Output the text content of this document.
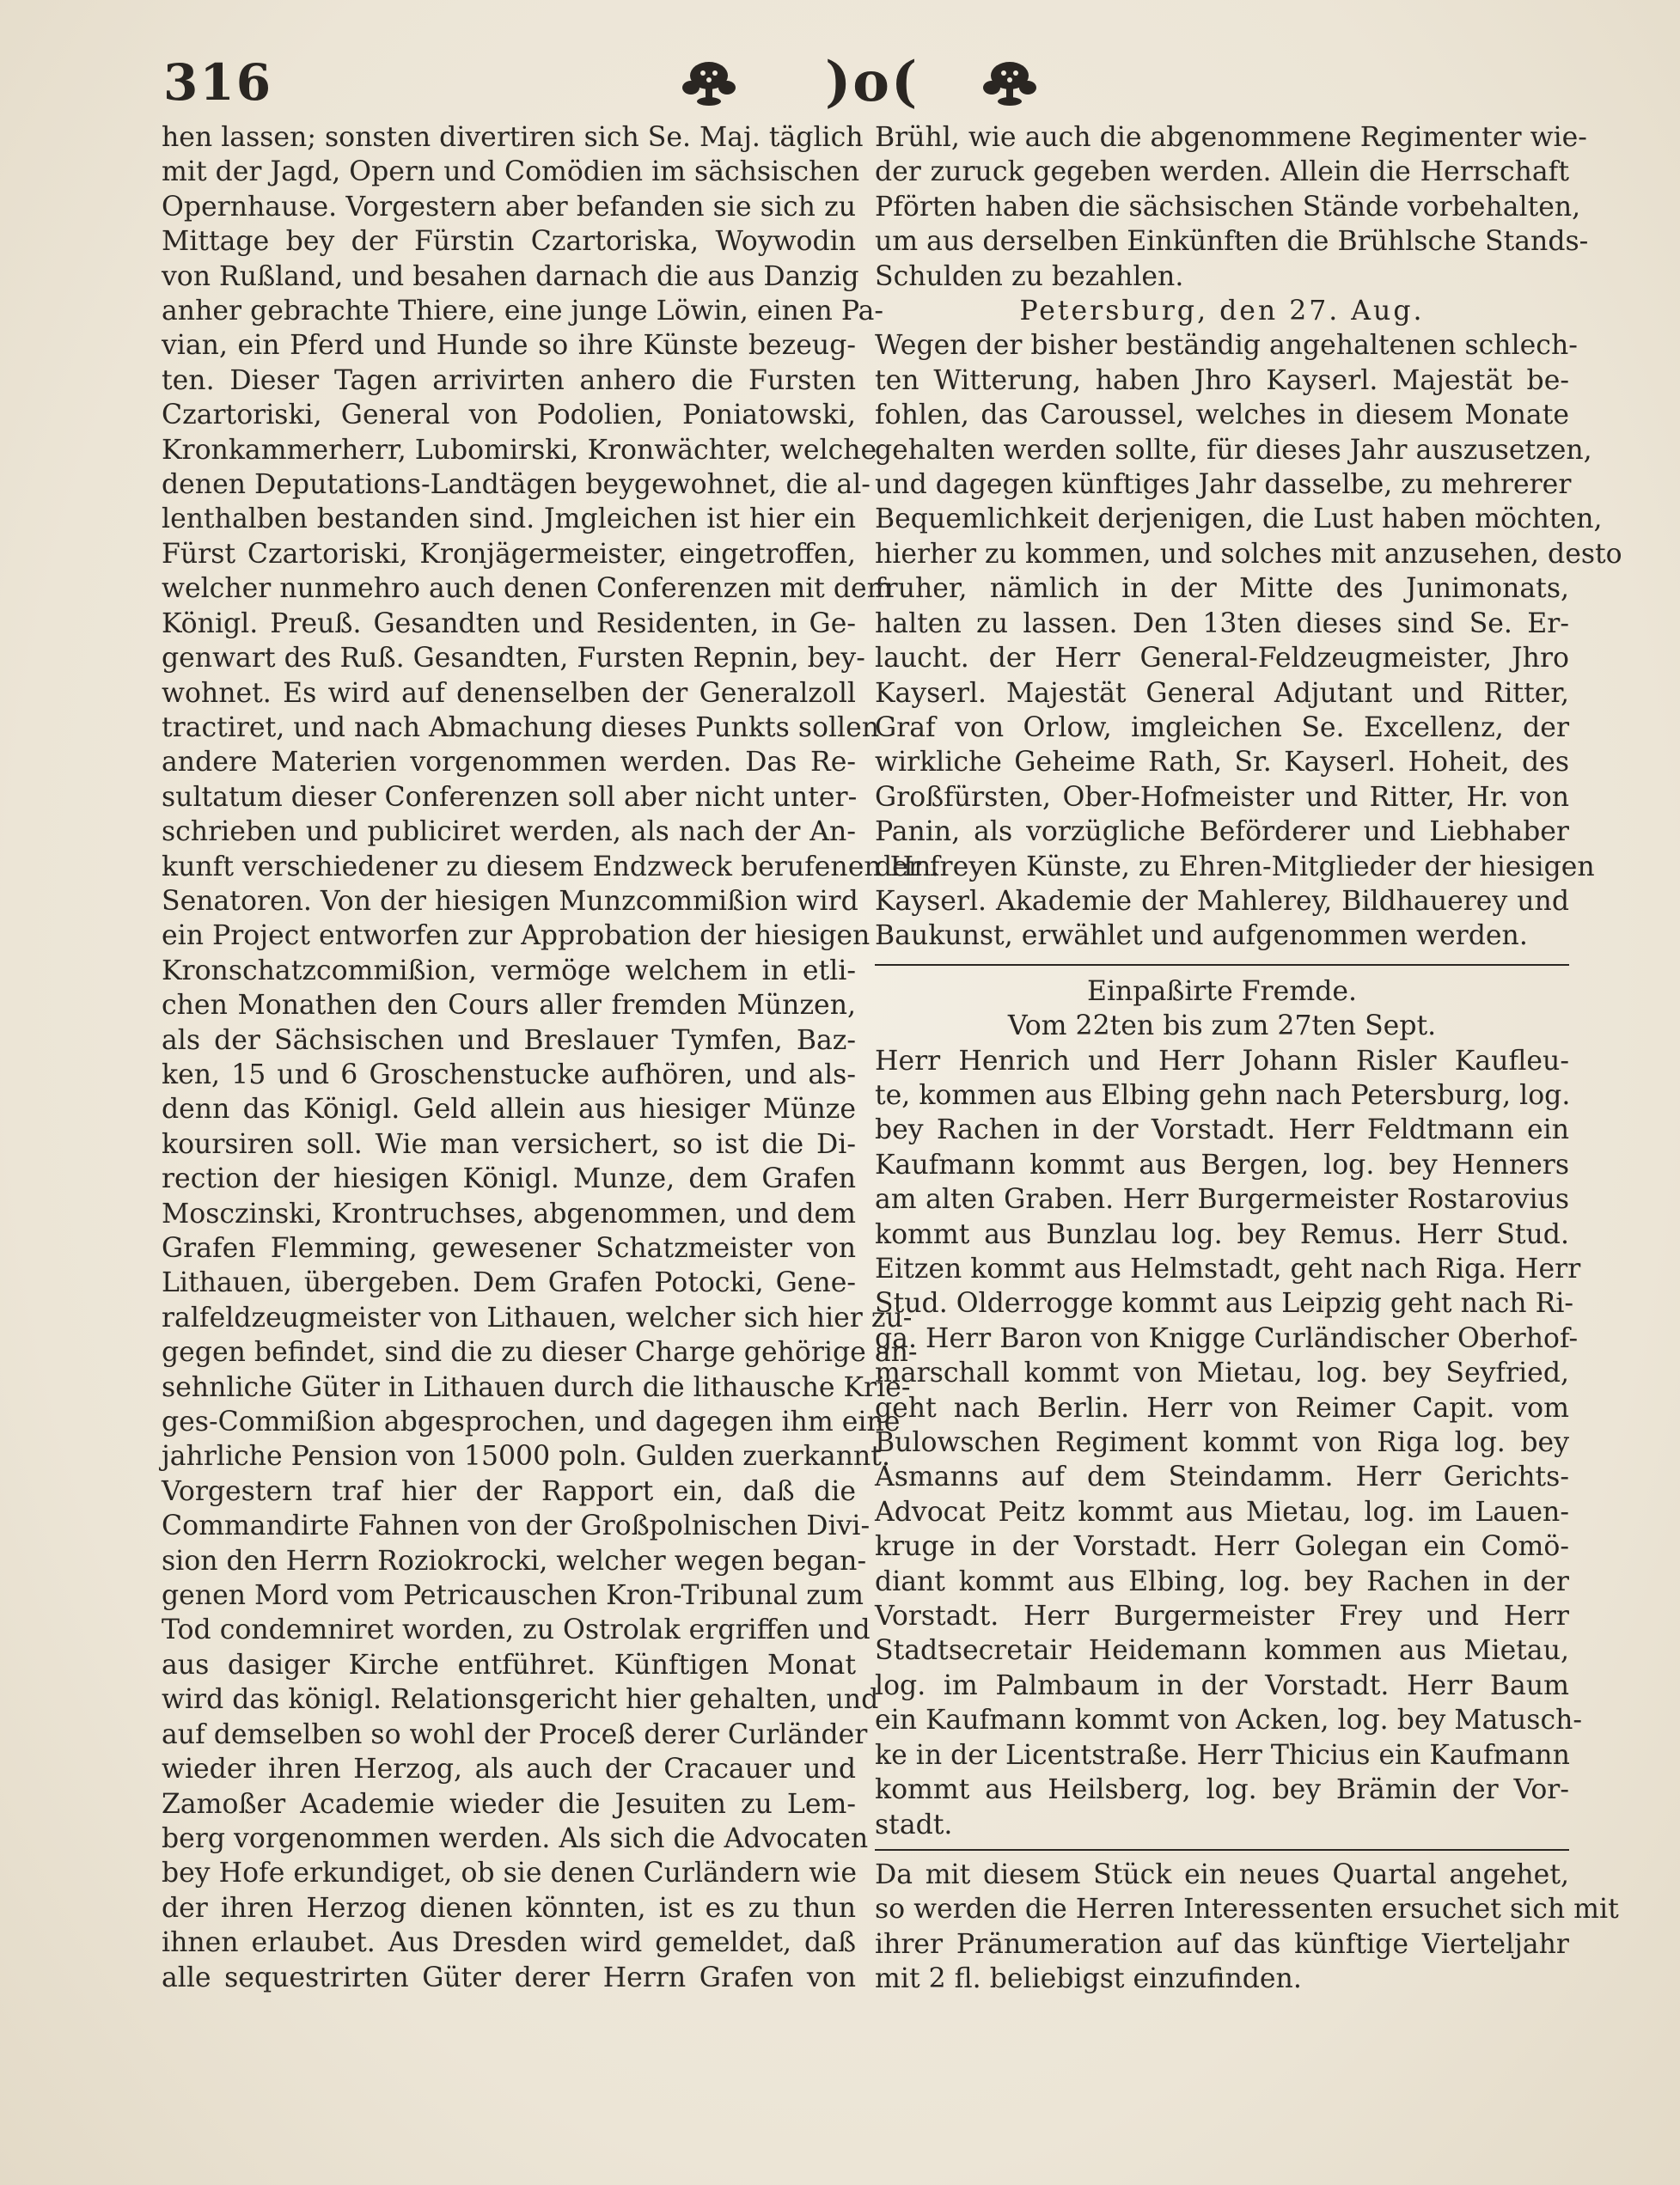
316	)o(
hen lassen; sonsten divertiren sich Se. Maj. täglich
mit der Jagd, Opern und Comödien im sächsischen
Opernhause. Vorgestern aber befanden sie sich zu
Mittage bey der Fürstin Czartoriska, Woywodin
von Rußland, und besahen darnach die aus Danzig
anher gebrachte Thiere, eine junge Löwin, einen Pa-
vian, ein Pferd und Hunde so ihre Künste bezeug-
ten. Dieser Tagen arrivirten anhero die Fursten
Czartoriski, General von Podolien, Poniatowski,
Kronkammerherr, Lubomirski, Kronwächter, welche
denen Deputations-Landtägen beygewohnet, die al-
lenthalben bestanden sind. Jmgleichen ist hier ein
Fürst Czartoriski, Kronjägermeister, eingetroffen,
welcher nunmehro auch denen Conferenzen mit dem
Königl. Preuß. Gesandten und Residenten, in Ge-
genwart des Ruß. Gesandten, Fursten Repnin, bey-
wohnet. Es wird auf denenselben der Generalzoll
tractiret, und nach Abmachung dieses Punkts sollen
andere Materien vorgenommen werden. Das Re-
sultatum dieser Conferenzen soll aber nicht unter-
schrieben und publiciret werden, als nach der An-
kunft verschiedener zu diesem Endzweck berufenen Hn.
Senatoren. Von der hiesigen Munzcommißion wird
ein Project entworfen zur Approbation der hiesigen
Kronschatzcommißion, vermöge welchem in etli-
chen Monathen den Cours aller fremden Münzen,
als der Sächsischen und Breslauer Tymfen, Baz-
ken, 15 und 6 Groschenstucke aufhören, und als-
denn das Königl. Geld allein aus hiesiger Münze
koursiren soll. Wie man versichert, so ist die Di-
rection der hiesigen Königl. Munze, dem Grafen
Mosczinski, Krontruchses, abgenommen, und dem
Grafen Flemming, gewesener Schatzmeister von
Lithauen, übergeben. Dem Grafen Potocki, Gene-
ralfeldzeugmeister von Lithauen, welcher sich hier zu-
gegen befindet, sind die zu dieser Charge gehörige an-
sehnliche Güter in Lithauen durch die lithausche Krie-
ges-Commißion abgesprochen, und dagegen ihm eine
jahrliche Pension von 15000 poln. Gulden zuerkannt.
Vorgestern traf hier der Rapport ein, daß die
Commandirte Fahnen von der Großpolnischen Divi-
sion den Herrn Roziokrocki, welcher wegen began-
genen Mord vom Petricauschen Kron-Tribunal zum
Tod condemniret worden, zu Ostrolak ergriffen und
aus dasiger Kirche entführet. Künftigen Monat
wird das königl. Relationsgericht hier gehalten, und
auf demselben so wohl der Proceß derer Curländer
wieder ihren Herzog, als auch der Cracauer und
Zamoßer Academie wieder die Jesuiten zu Lem-
berg vorgenommen werden. Als sich die Advocaten
bey Hofe erkundiget, ob sie denen Curländern wie
der ihren Herzog dienen könnten, ist es zu thun
ihnen erlaubet. Aus Dresden wird gemeldet, daß
alle sequestrirten Güter derer Herrn Grafen von
Brühl, wie auch die abgenommene Regimenter wie-
der zuruck gegeben werden. Allein die Herrschaft
Pförten haben die sächsischen Stände vorbehalten,
um aus derselben Einkünften die Brühlsche Stands-
Schulden zu bezahlen.
Petersburg, den 27. Aug.
Wegen der bisher beständig angehaltenen schlech-
ten Witterung, haben Jhro Kayserl. Majestät be-
fohlen, das Caroussel, welches in diesem Monate
gehalten werden sollte, für dieses Jahr auszusetzen,
und dagegen künftiges Jahr dasselbe, zu mehrerer
Bequemlichkeit derjenigen, die Lust haben möchten,
hierher zu kommen, und solches mit anzusehen, desto
fruher, nämlich in der Mitte des Junimonats,
halten zu lassen. Den 13ten dieses sind Se. Er-
laucht. der Herr General-Feldzeugmeister, Jhro
Kayserl. Majestät General Adjutant und Ritter,
Graf von Orlow, imgleichen Se. Excellenz, der
wirkliche Geheime Rath, Sr. Kayserl. Hoheit, des
Großfürsten, Ober-Hofmeister und Ritter, Hr. von
Panin, als vorzügliche Beförderer und Liebhaber
der freyen Künste, zu Ehren-Mitglieder der hiesigen
Kayserl. Akademie der Mahlerey, Bildhauerey und
Baukunst, erwählet und aufgenommen werden.
Einpaßirte Fremde.
Vom 22ten bis zum 27ten Sept.
Herr Henrich und Herr Johann Risler Kaufleu-
te, kommen aus Elbing gehn nach Petersburg, log.
bey Rachen in der Vorstadt. Herr Feldtmann ein
Kaufmann kommt aus Bergen, log. bey Henners
am alten Graben. Herr Burgermeister Rostarovius
kommt aus Bunzlau log. bey Remus. Herr Stud.
Eitzen kommt aus Helmstadt, geht nach Riga. Herr
Stud. Olderrogge kommt aus Leipzig geht nach Ri-
ga. Herr Baron von Knigge Curländischer Oberhof-
marschall kommt von Mietau, log. bey Seyfried,
geht nach Berlin. Herr von Reimer Capit. vom
Bulowschen Regiment kommt von Riga log. bey
Asmanns auf dem Steindamm. Herr Gerichts-
Advocat Peitz kommt aus Mietau, log. im Lauen-
kruge in der Vorstadt. Herr Golegan ein Comö-
diant kommt aus Elbing, log. bey Rachen in der
Vorstadt. Herr Burgermeister Frey und Herr
Stadtsecretair Heidemann kommen aus Mietau,
log. im Palmbaum in der Vorstadt. Herr Baum
ein Kaufmann kommt von Acken, log. bey Matusch-
ke in der Licentstraße. Herr Thicius ein Kaufmann
kommt aus Heilsberg, log. bey Brämin der Vor-
stadt.
Da mit diesem Stück ein neues Quartal angehet,
so werden die Herren Interessenten ersuchet sich mit
ihrer Pränumeration auf das künftige Vierteljahr
mit 2 fl. beliebigst einzufinden.
